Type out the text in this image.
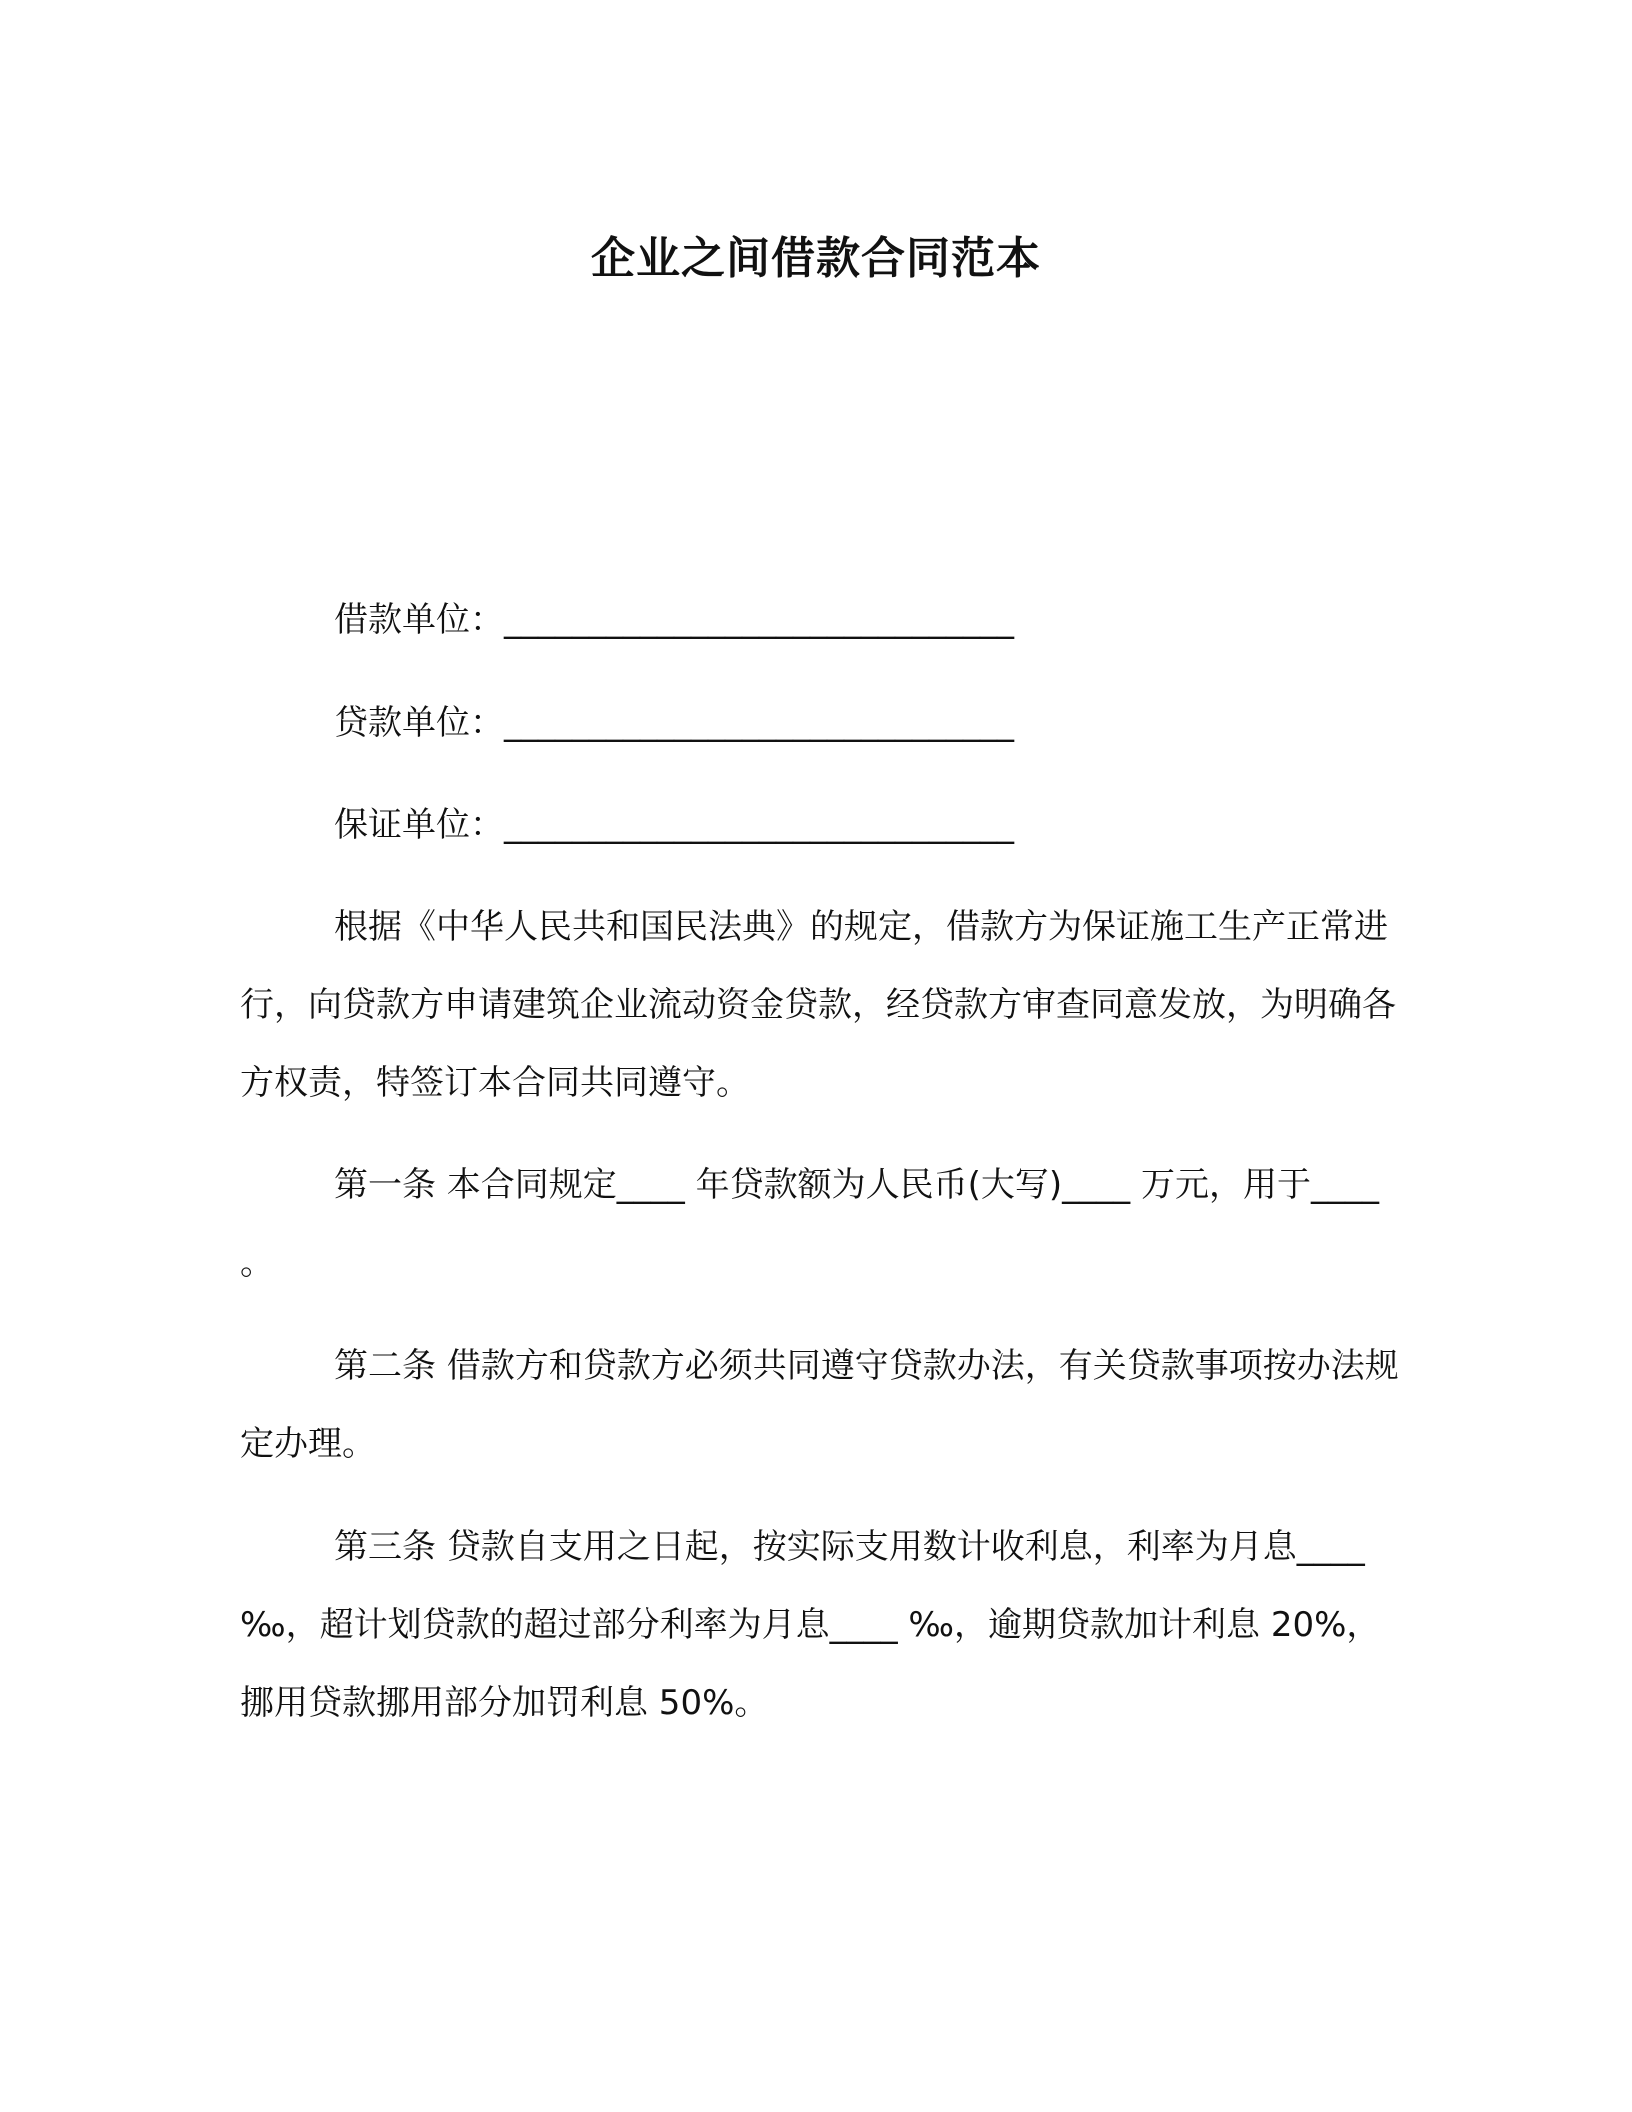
企业之间借款合同范本
借款单位：______________________________
贷款单位：______________________________
保证单位：______________________________
根据《中华人民共和国民法典》的规定，借款方为保证施工生产正常进行，向贷款方申请建筑企业流动资金贷款，经贷款方审查同意发放，为明确各方权责，特签订本合同共同遵守。
第一条 本合同规定____ 年贷款额为人民币(大写)____ 万元，用于____ 。
第二条 借款方和贷款方必须共同遵守贷款办法，有关贷款事项按办法规定办理。
第三条 贷款自支用之日起，按实际支用数计收利息，利率为月息____ ‰，超计划贷款的超过部分利率为月息____ ‰，逾期贷款加计利息 20%，挪用贷款挪用部分加罚利息 50%。
